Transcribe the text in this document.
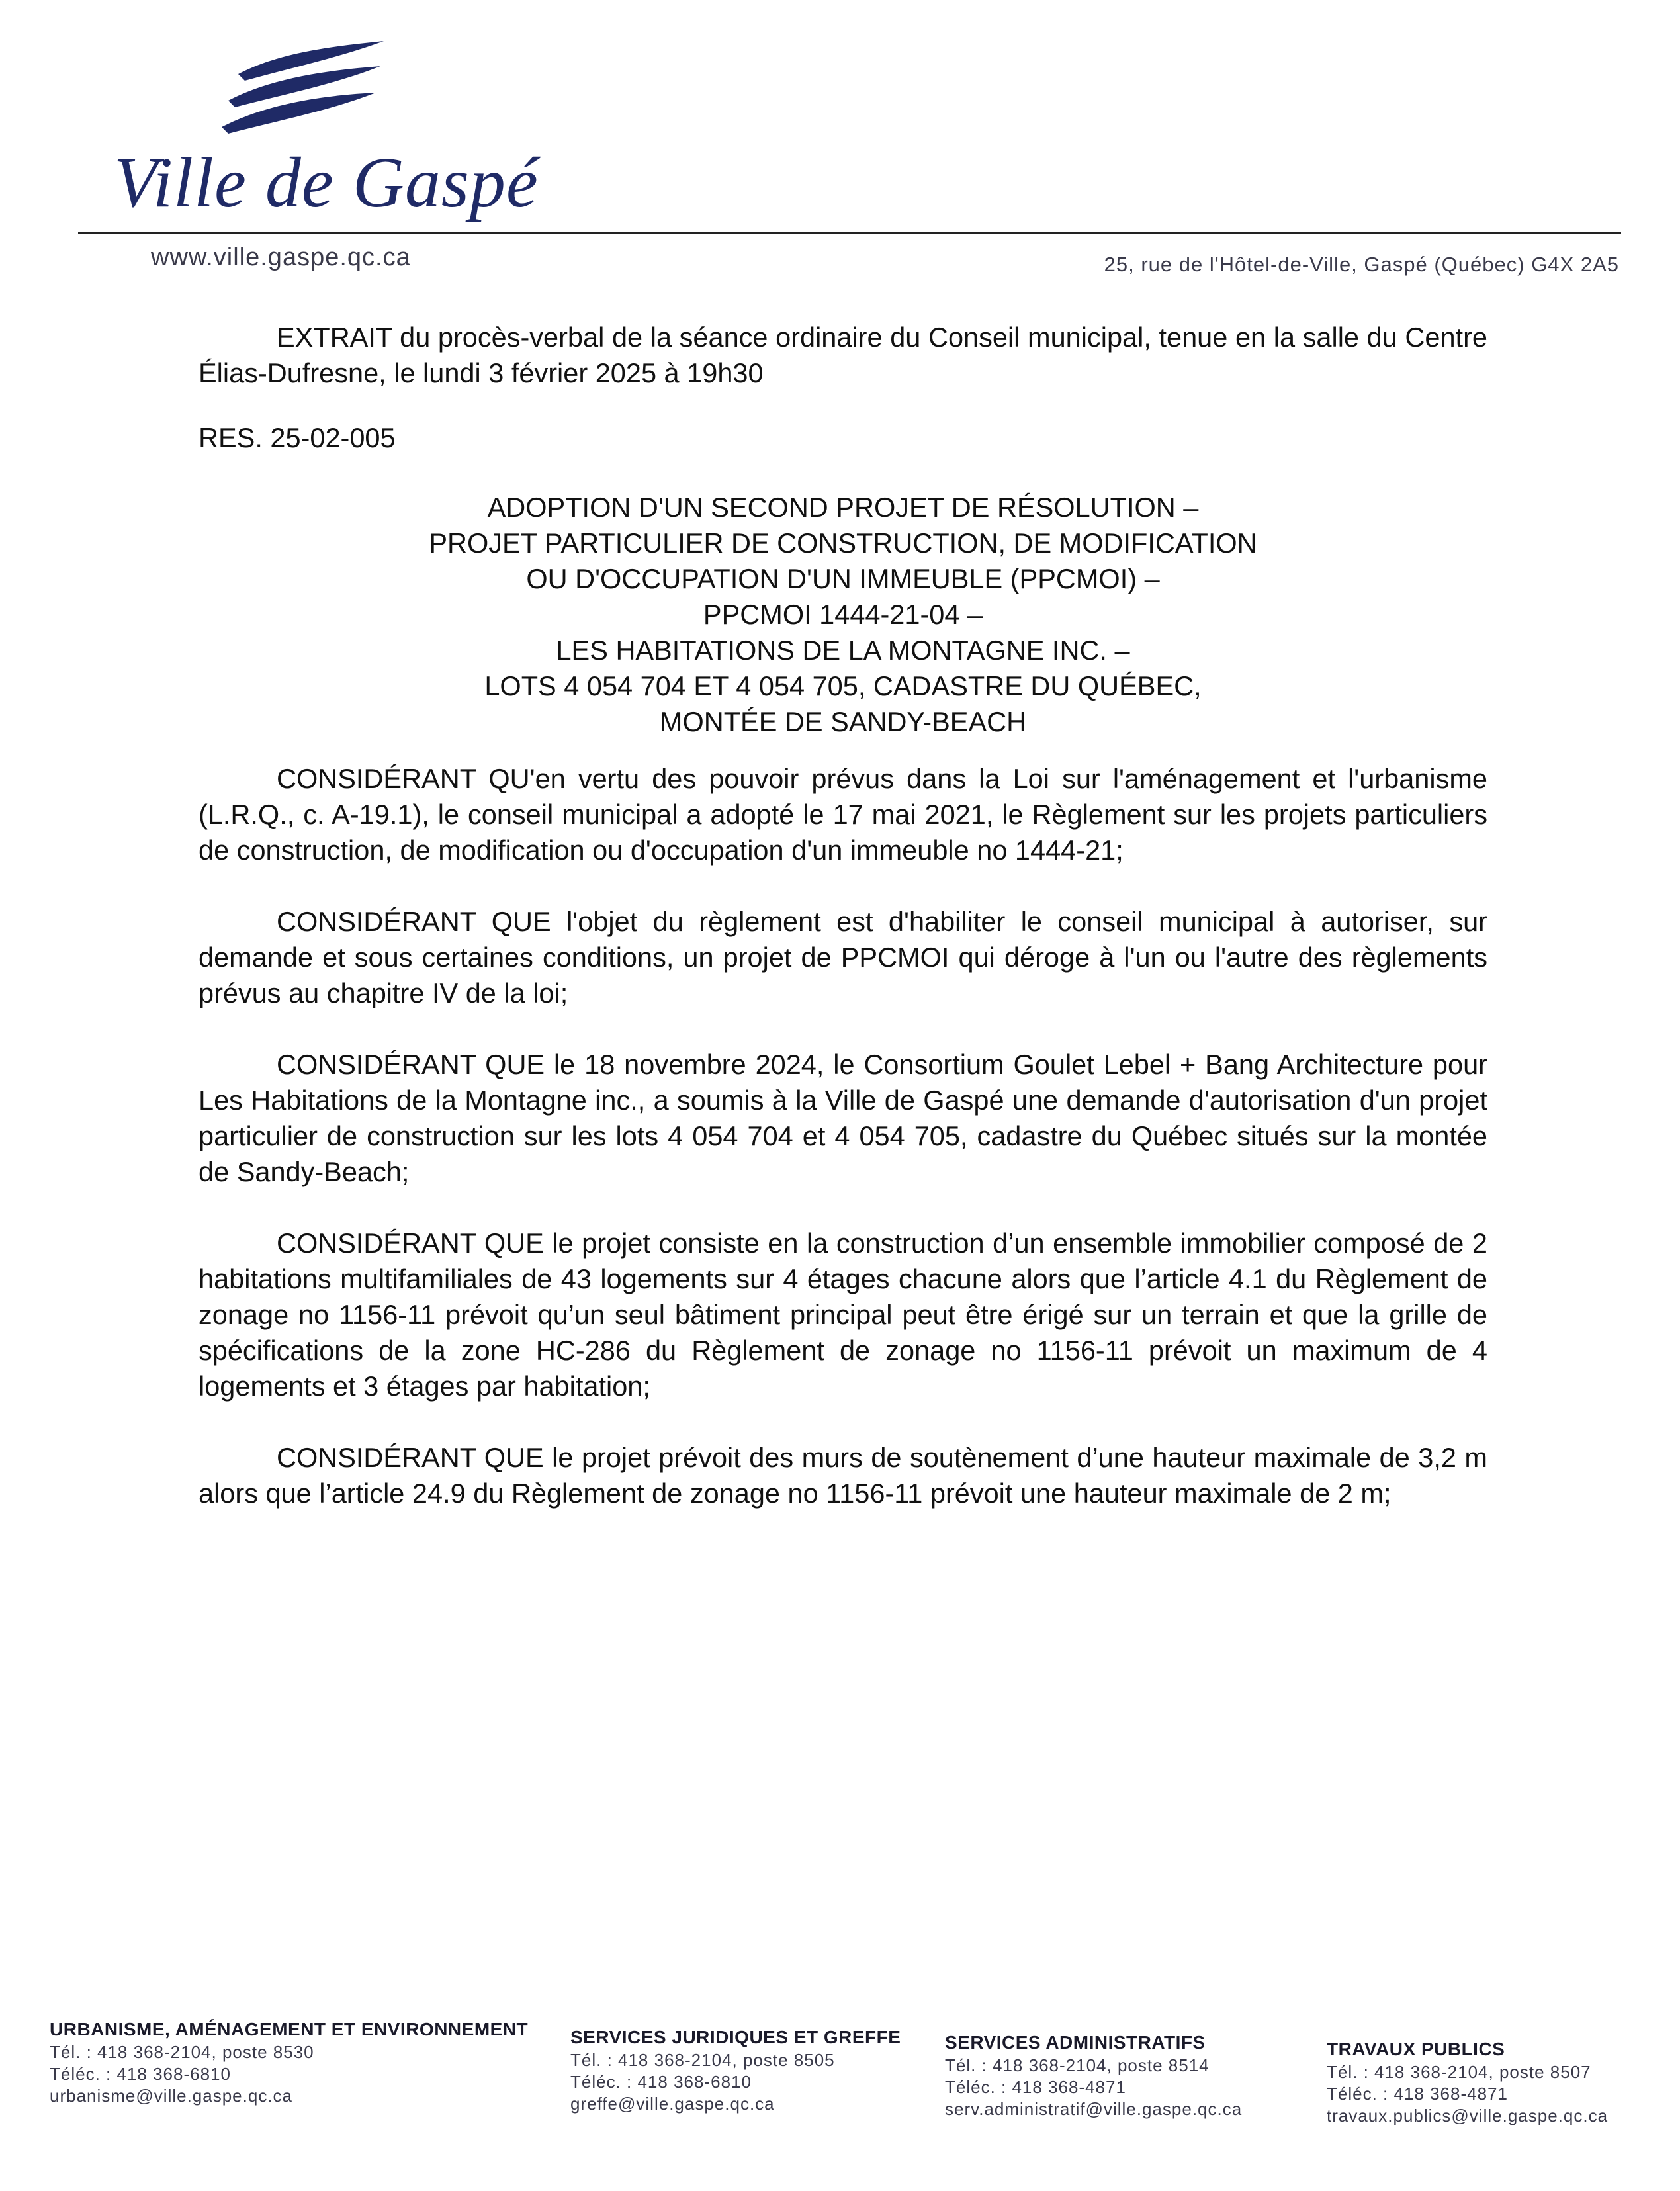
Ville de Gaspé
www.ville.gaspe.qc.ca	25, rue de l'Hôtel-de-Ville, Gaspé (Québec) G4X 2A5

EXTRAIT du procès-verbal de la séance ordinaire du Conseil municipal, tenue en la salle du Centre Élias-Dufresne, le lundi 3 février 2025 à 19h30

RES. 25-02-005

ADOPTION D'UN SECOND PROJET DE RÉSOLUTION –
PROJET PARTICULIER DE CONSTRUCTION, DE MODIFICATION
OU D'OCCUPATION D'UN IMMEUBLE (PPCMOI) –
PPCMOI 1444-21-04 –
LES HABITATIONS DE LA MONTAGNE INC. –
LOTS 4 054 704 ET 4 054 705, CADASTRE DU QUÉBEC,
MONTÉE DE SANDY-BEACH

CONSIDÉRANT QU'en vertu des pouvoir prévus dans la Loi sur l'aménagement et l'urbanisme (L.R.Q., c. A-19.1), le conseil municipal a adopté le 17 mai 2021, le Règlement sur les projets particuliers de construction, de modification ou d'occupation d'un immeuble no 1444-21;

CONSIDÉRANT QUE l'objet du règlement est d'habiliter le conseil municipal à autoriser, sur demande et sous certaines conditions, un projet de PPCMOI qui déroge à l'un ou l'autre des règlements prévus au chapitre IV de la loi;

CONSIDÉRANT QUE le 18 novembre 2024, le Consortium Goulet Lebel + Bang Architecture pour Les Habitations de la Montagne inc., a soumis à la Ville de Gaspé une demande d'autorisation d'un projet particulier de construction sur les lots 4 054 704 et 4 054 705, cadastre du Québec situés sur la montée de Sandy-Beach;

CONSIDÉRANT QUE le projet consiste en la construction d’un ensemble immobilier composé de 2 habitations multifamiliales de 43 logements sur 4 étages chacune alors que l’article 4.1 du Règlement de zonage no 1156-11 prévoit qu’un seul bâtiment principal peut être érigé sur un terrain et que la grille de spécifications de la zone HC-286 du Règlement de zonage no 1156-11 prévoit un maximum de 4 logements et 3 étages par habitation;

CONSIDÉRANT QUE le projet prévoit des murs de soutènement d’une hauteur maximale de 3,2 m alors que l’article 24.9 du Règlement de zonage no 1156-11 prévoit une hauteur maximale de 2 m;

URBANISME, AMÉNAGEMENT ET ENVIRONNEMENT
Tél. : 418 368-2104, poste 8530
Téléc. : 418 368-6810
urbanisme@ville.gaspe.qc.ca
SERVICES JURIDIQUES ET GREFFE
Tél. : 418 368-2104, poste 8505
Téléc. : 418 368-6810
greffe@ville.gaspe.qc.ca
SERVICES ADMINISTRATIFS
Tél. : 418 368-2104, poste 8514
Téléc. : 418 368-4871
serv.administratif@ville.gaspe.qc.ca
TRAVAUX PUBLICS
Tél. : 418 368-2104, poste 8507
Téléc. : 418 368-4871
travaux.publics@ville.gaspe.qc.ca
